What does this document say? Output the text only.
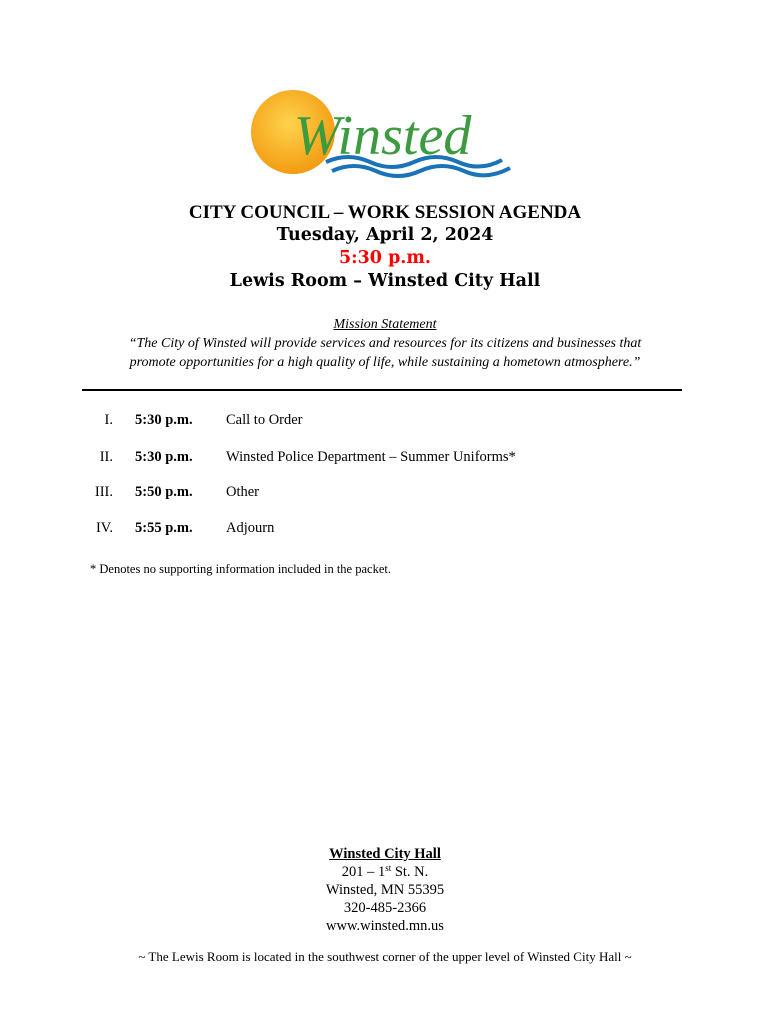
Winsted
CITY COUNCIL – WORK SESSION AGENDA
Tuesday, April 2, 2024
5:30 p.m.
Lewis Room – Winsted City Hall
Mission Statement
“The City of Winsted will provide services and resources for its citizens and businesses that
promote opportunities for a high quality of life, while sustaining a hometown atmosphere.”
I. 5:30 p.m. Call to Order
II. 5:30 p.m. Winsted Police Department – Summer Uniforms*
III. 5:50 p.m. Other
IV. 5:55 p.m. Adjourn
* Denotes no supporting information included in the packet.
Winsted City Hall
201 – 1st St. N.
Winsted, MN 55395
320-485-2366
www.winsted.mn.us
~ The Lewis Room is located in the southwest corner of the upper level of Winsted City Hall ~
